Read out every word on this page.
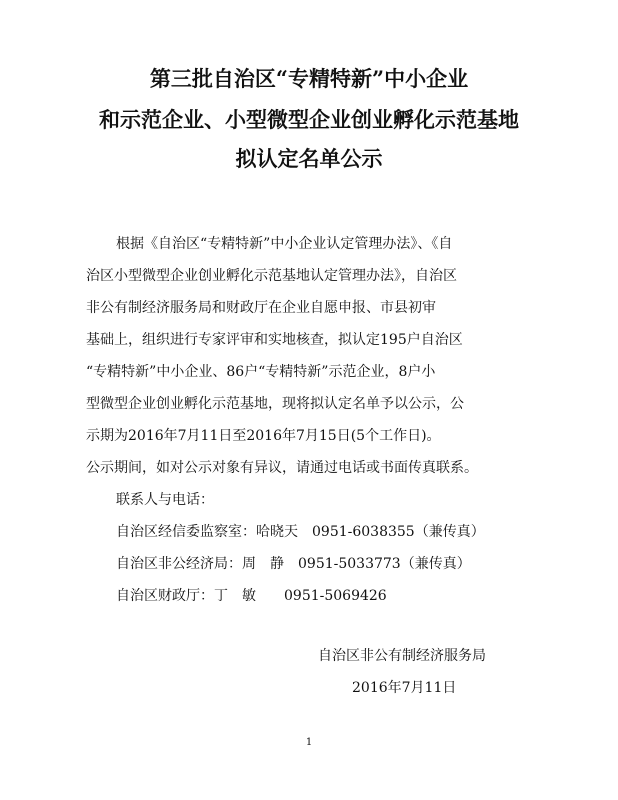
第三批自治区“专精特新”中小企业
和示范企业、小型微型企业创业孵化示范基地
拟认定名单公示
根据《自治区“专精特新”中小企业认定管理办法》、《自
治区小型微型企业创业孵化示范基地认定管理办法》，自治区
非公有制经济服务局和财政厅在企业自愿申报、市县初审
基础上，组织进行专家评审和实地核查，拟认定195户自治区
“专精特新”中小企业、86户“专精特新”示范企业，8户小
型微型企业创业孵化示范基地，现将拟认定名单予以公示，公
示期为2016年7月11日至2016年7月15日(5个工作日)。
公示期间，如对公示对象有异议，请通过电话或书面传真联系。
联系人与电话：
自治区经信委监察室：哈晓天　0951-6038355（兼传真）
自治区非公经济局：周　静　0951-5033773（兼传真）
自治区财政厅：丁　敏　　0951-5069426
自治区非公有制经济服务局
2016年7月11日
1
